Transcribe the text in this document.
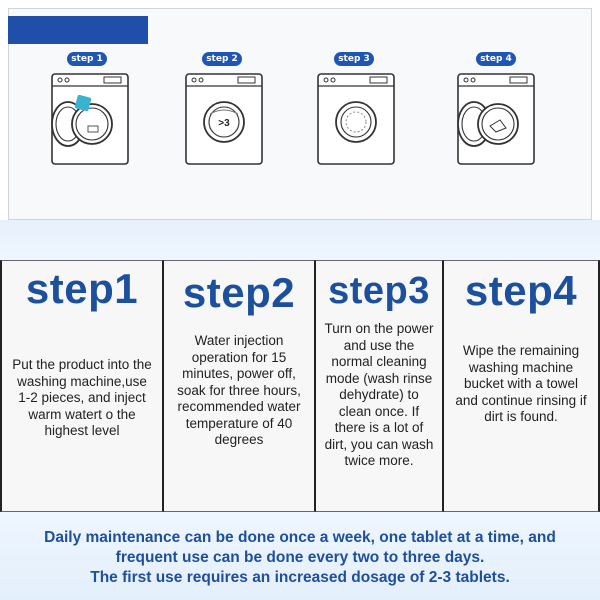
step 1	step 2	step 3	step 4
>3
step1
Put the product into the washing machine,use 1-2 pieces, and inject warm watert o the highest level
step2
Water injection operation for 15 minutes, power off, soak for three hours, recommended water temperature of 40 degrees
step3
Turn on the power and use the normal cleaning mode (wash rinse dehydrate) to clean once. If there is a lot of dirt, you can wash twice more.
step4
Wipe the remaining washing machine bucket with a towel and continue rinsing if dirt is found.
Daily maintenance can be done once a week, one tablet at a time, and
frequent use can be done every two to three days.
The first use requires an increased dosage of 2-3 tablets.
